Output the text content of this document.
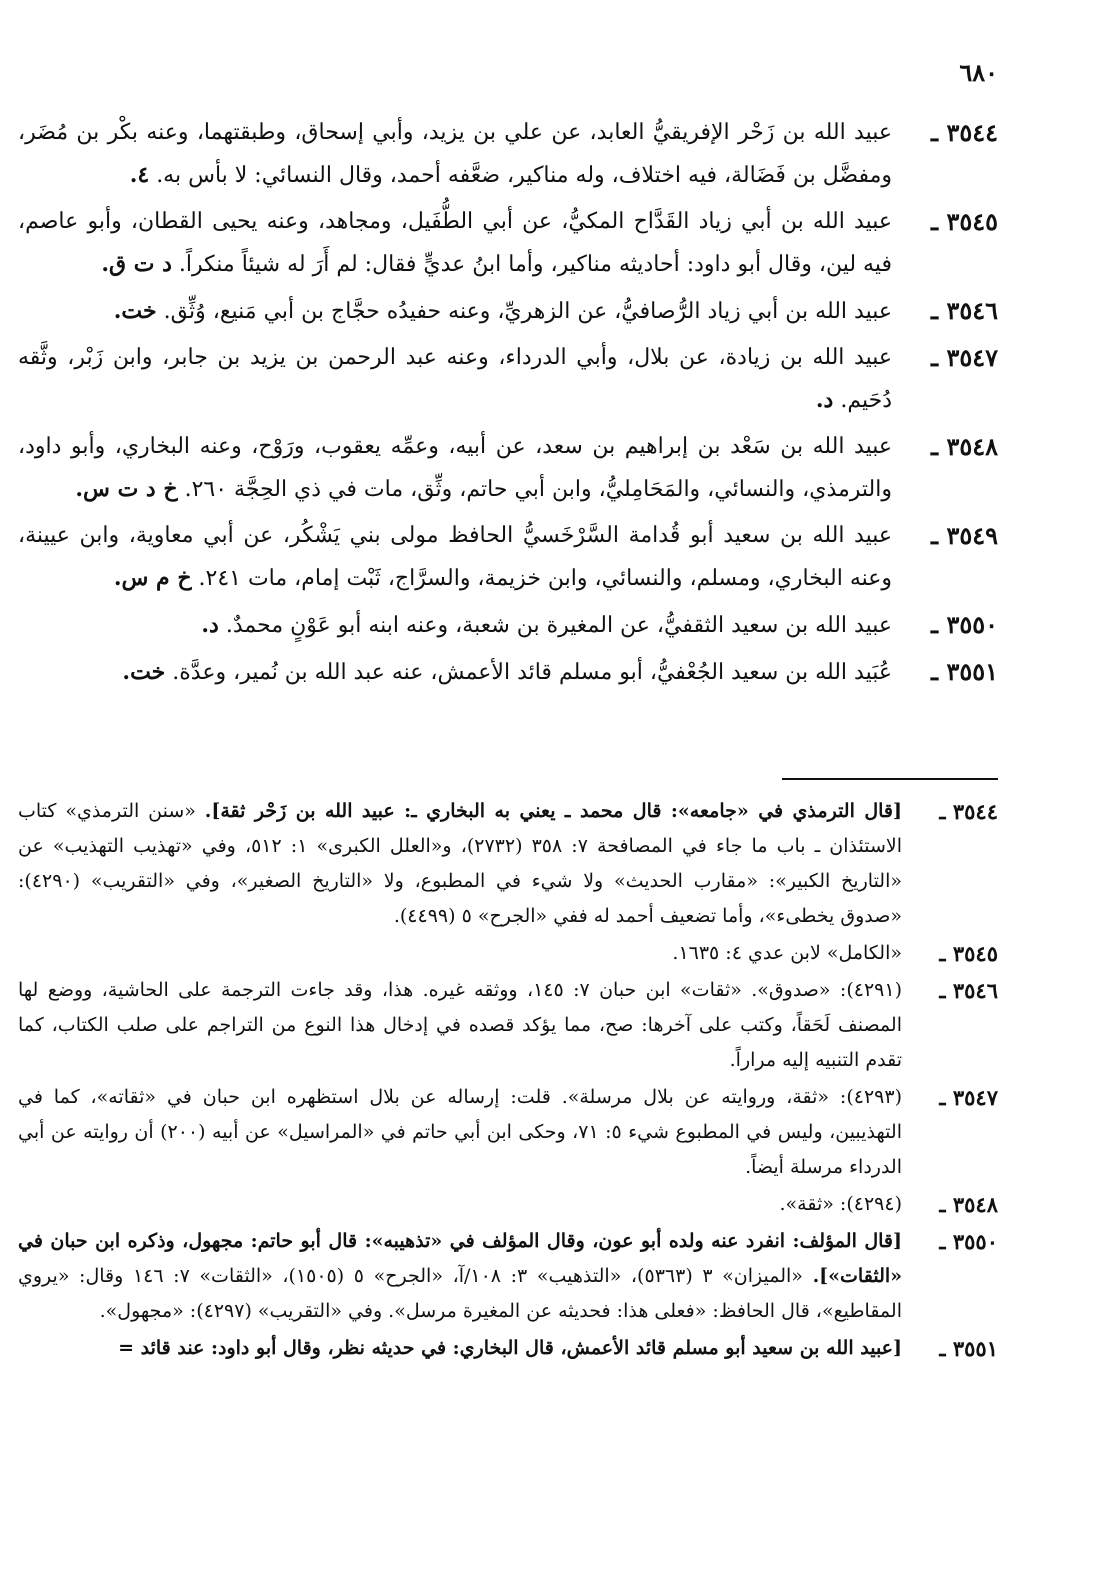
٦٨٠
٣٥٤٤ ـ
عبيد الله بن زَحْر الإفريقيُّ العابد، عن علي بن يزيد، وأبي إسحاق، وطبقتهما، وعنه بكْر بن مُضَر، ومفضَّل بن فَضَالة، فيه اختلاف، وله مناكير، ضعَّفه أحمد، وقال النسائي: لا بأس به. ٤.
٣٥٤٥ ـ
عبيد الله بن أبي زياد القَدَّاح المكيُّ، عن أبي الطُّفَيل، ومجاهد، وعنه يحيى القطان، وأبو عاصم، فيه لين، وقال أبو داود: أحاديثه مناكير، وأما ابنُ عديٍّ فقال: لم أَرَ له شيئاً منكراً. د ت ق.
٣٥٤٦ ـ
عبيد الله بن أبي زياد الرُّصافيُّ، عن الزهريِّ، وعنه حفيدُه حجَّاج بن أبي مَنيع، وُثِّق. خت.
٣٥٤٧ ـ
عبيد الله بن زيادة، عن بلال، وأبي الدرداء، وعنه عبد الرحمن بن يزيد بن جابر، وابن زَبْر، وثَّقه دُحَيم. د.
٣٥٤٨ ـ
عبيد الله بن سَعْد بن إبراهيم بن سعد، عن أبيه، وعمِّه يعقوب، ورَوْح، وعنه البخاري، وأبو داود، والترمذي، والنسائي، والمَحَامِليُّ، وابن أبي حاتم، وثِّق، مات في ذي الحِجَّة ٢٦٠. خ د ت س.
٣٥٤٩ ـ
عبيد الله بن سعيد أبو قُدامة السَّرْخَسيُّ الحافظ مولى بني يَشْكُر، عن أبي معاوية، وابن عيينة، وعنه البخاري، ومسلم، والنسائي، وابن خزيمة، والسرَّاج، ثَبْت إمام، مات ٢٤١. خ م س.
٣٥٥٠ ـ
عبيد الله بن سعيد الثقفيُّ، عن المغيرة بن شعبة، وعنه ابنه أبو عَوْنٍ محمدٌ. د.
٣٥٥١ ـ
عُبَيد الله بن سعيد الجُعْفيُّ، أبو مسلم قائد الأعمش، عنه عبد الله بن نُمير، وعدَّة. خت.
٣٥٤٤ ـ
[قال الترمذي في «جامعه»: قال محمد ـ يعني به البخاري ـ: عبيد الله بن زَحْر ثقة]. «سنن الترمذي» كتاب الاستئذان ـ باب ما جاء في المصافحة ٧: ٣٥٨ (٢٧٣٢)، و«العلل الكبرى» ١: ٥١٢، وفي «تهذيب التهذيب» عن «التاريخ الكبير»: «مقارب الحديث» ولا شيء في المطبوع، ولا «التاريخ الصغير»، وفي «التقريب» (٤٢٩٠): «صدوق يخطىء»، وأما تضعيف أحمد له ففي «الجرح» ٥ (٤٤٩٩).
٣٥٤٥ ـ
«الكامل» لابن عدي ٤: ١٦٣٥.
٣٥٤٦ ـ
(٤٢٩١): «صدوق». «ثقات» ابن حبان ٧: ١٤٥، ووثقه غيره. هذا، وقد جاءت الترجمة على الحاشية، ووضع لها المصنف لَحَقاً، وكتب على آخرها: صح، مما يؤكد قصده في إدخال هذا النوع من التراجم على صلب الكتاب، كما تقدم التنبيه إليه مراراً.
٣٥٤٧ ـ
(٤٢٩٣): «ثقة، وروايته عن بلال مرسلة». قلت: إرساله عن بلال استظهره ابن حبان في «ثقاته»، كما في التهذيبين، وليس في المطبوع شيء ٥: ٧١، وحكى ابن أبي حاتم في «المراسيل» عن أبيه (٢٠٠) أن روايته عن أبي الدرداء مرسلة أيضاً.
٣٥٤٨ ـ
(٤٢٩٤): «ثقة».
٣٥٥٠ ـ
[قال المؤلف: انفرد عنه ولده أبو عون، وقال المؤلف في «تذهيبه»: قال أبو حاتم: مجهول، وذكره ابن حبان في «الثقات»]. «الميزان» ٣ (٥٣٦٣)، «التذهيب» ٣: ١٠٨/آ، «الجرح» ٥ (١٥٠٥)، «الثقات» ٧: ١٤٦ وقال: «يروي المقاطيع»، قال الحافظ: «فعلى هذا: فحديثه عن المغيرة مرسل». وفي «التقريب» (٤٢٩٧): «مجهول».
٣٥٥١ ـ
[عبيد الله بن سعيد أبو مسلم قائد الأعمش، قال البخاري: في حديثه نظر، وقال أبو داود: عند قائد =
